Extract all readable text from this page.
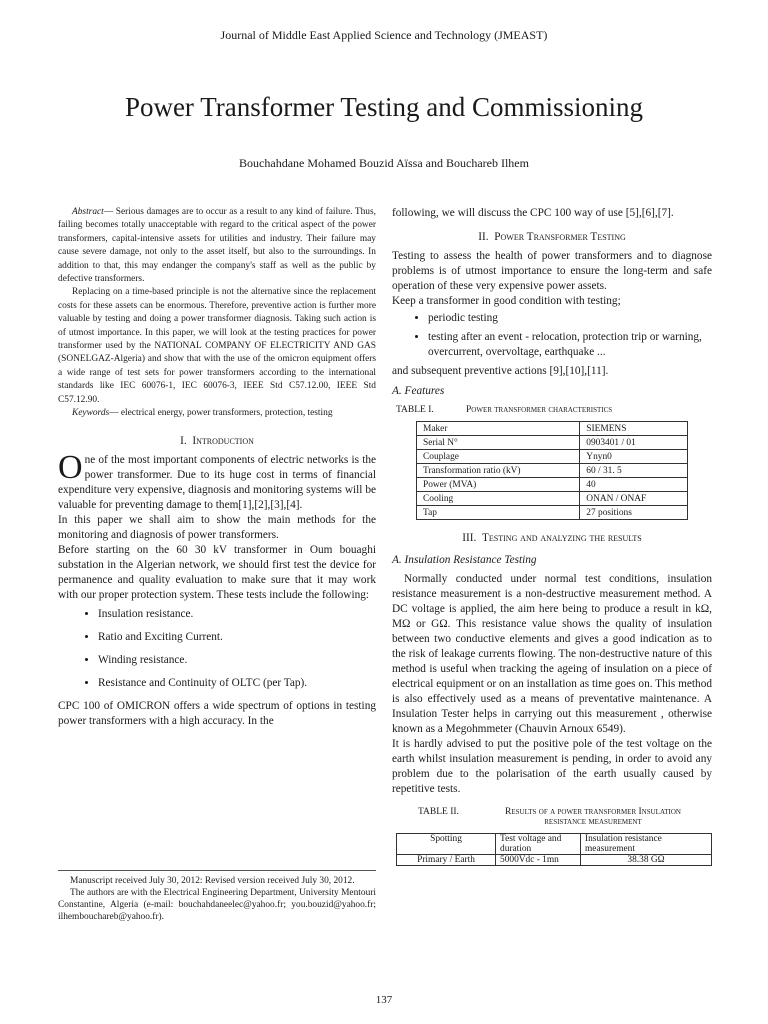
Journal of Middle East Applied Science and Technology (JMEAST)
Power Transformer Testing and Commissioning
Bouchahdane Mohamed Bouzid Aïssa and Bouchareb Ilhem

Abstract— Serious damages are to occur as a result to any kind of failure. Thus, failing becomes totally unacceptable with regard to the critical aspect of the power transformers, capital-intensive assets for utilities and industry. Their failure may cause severe damage, not only to the asset itself, but also to the surroundings. In addition to that, this may endanger the company's staff as well as the public by defective transformers.

Replacing on a time-based principle is not the alternative since the replacement costs for these assets can be enormous. Therefore, preventive action is further more valuable by testing and doing a power transformer diagnosis. Taking such action is of utmost importance. In this paper, we will look at the testing practices for power transformer used by the NATIONAL COMPANY OF ELECTRICITY AND GAS (SONELGAZ-Algeria) and show that with the use of the omicron equipment offers a wide range of test sets for power transformers according to the international standards like IEC 60076-1, IEC 60076-3, IEEE Std C57.12.00, IEEE Std C57.12.90.

Keywords— electrical energy, power transformers, protection, testing

I. Introduction

One of the most important components of electric networks is the power transformer. Due to its huge cost in terms of financial expenditure very expensive, diagnosis and monitoring systems will be valuable for preventing damage to them[1],[2],[3],[4].

In this paper we shall aim to show the main methods for the monitoring and diagnosis of power transformers.

Before starting on the 60 30 kV transformer in Oum bouaghi substation in the Algerian network, we should first test the device for permanence and quality evaluation to make sure that it may work with our proper protection system. These tests include the following:

• Insulation resistance.
• Ratio and Exciting Current.
• Winding resistance.
• Resistance and Continuity of OLTC (per Tap).

CPC 100 of OMICRON offers a wide spectrum of options in testing power transformers with a high accuracy. In the

Manuscript received July 30, 2012: Revised version received July 30, 2012.

The authors are with the Electrical Engineering Department, University Mentouri Constantine, Algeria (e-mail: bouchahdaneelec@yahoo.fr; you.bouzid@yahoo.fr; ilhembouchareb@yahoo.fr).

following, we will discuss the CPC 100 way of use [5],[6],[7].

II. Power Transformer Testing

Testing to assess the health of power transformers and to diagnose problems is of utmost importance to ensure the long-term and safe operation of these very expensive power assets.

Keep a transformer in good condition with testing;

• periodic testing
• testing after an event - relocation, protection trip or warning, overcurrent, overvoltage, earthquake ...

and subsequent preventive actions [9],[10],[11].

A. Features
TABLE I.	Power transformer characteristics
Maker	SIEMENS
Serial N°	0903401 / 01
Couplage	Ynyn0
Transformation ratio (kV)	60 / 31. 5
Power (MVA)	40
Cooling	ONAN / ONAF
Tap	27 positions
III. Testing and analyzing the results
A. Insulation Resistance Testing

Normally conducted under normal test conditions, insulation resistance measurement is a non-destructive measurement method. A DC voltage is applied, the aim here being to produce a result in kΩ, MΩ or GΩ. This resistance value shows the quality of insulation between two conductive elements and gives a good indication as to the risk of leakage currents flowing. The non-destructive nature of this method is useful when tracking the ageing of insulation on a piece of electrical equipment or on an installation as time goes on. This method is also effectively used as a means of preventative maintenance. A Insulation Tester helps in carrying out this measurement , otherwise known as a Megohmmeter (Chauvin Arnoux 6549).

It is hardly advised to put the positive pole of the test voltage on the earth whilst insulation measurement is pending, in order to avoid any problem due to the polarisation of the earth usually caused by repetitive tests.

TABLE II.	Results of a power transformer Insulation resistance measurement
Spotting	Test voltage and duration	Insulation resistance measurement
Primary / Earth	5000Vdc - 1mn	38.38 GΩ
137
